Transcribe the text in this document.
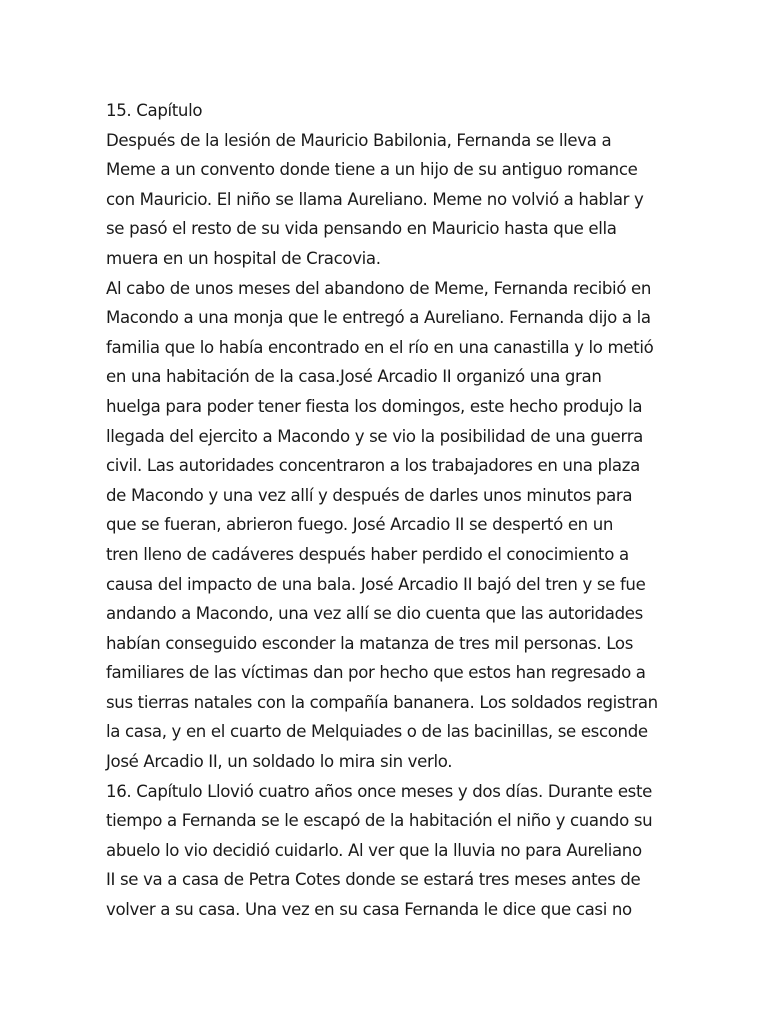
15. Capítulo
Después de la lesión de Mauricio Babilonia, Fernanda se lleva a
Meme a un convento donde tiene a un hijo de su antiguo romance
con Mauricio. El niño se llama Aureliano. Meme no volvió a hablar y
se pasó el resto de su vida pensando en Mauricio hasta que ella
muera en un hospital de Cracovia.
Al cabo de unos meses del abandono de Meme, Fernanda recibió en
Macondo a una monja que le entregó a Aureliano. Fernanda dijo a la
familia que lo había encontrado en el río en una canastilla y lo metió
en una habitación de la casa.José Arcadio II organizó una gran
huelga para poder tener fiesta los domingos, este hecho produjo la
llegada del ejercito a Macondo y se vio la posibilidad de una guerra
civil. Las autoridades concentraron a los trabajadores en una plaza
de Macondo y una vez allí y después de darles unos minutos para
que se fueran, abrieron fuego. José Arcadio II se despertó en un
tren lleno de cadáveres después haber perdido el conocimiento a
causa del impacto de una bala. José Arcadio II bajó del tren y se fue
andando a Macondo, una vez allí se dio cuenta que las autoridades
habían conseguido esconder la matanza de tres mil personas. Los
familiares de las víctimas dan por hecho que estos han regresado a
sus tierras natales con la compañía bananera. Los soldados registran
la casa, y en el cuarto de Melquiades o de las bacinillas, se esconde
José Arcadio II, un soldado lo mira sin verlo.
16. Capítulo Llovió cuatro años once meses y dos días. Durante este
tiempo a Fernanda se le escapó de la habitación el niño y cuando su
abuelo lo vio decidió cuidarlo. Al ver que la lluvia no para Aureliano
II se va a casa de Petra Cotes donde se estará tres meses antes de
volver a su casa. Una vez en su casa Fernanda le dice que casi no
